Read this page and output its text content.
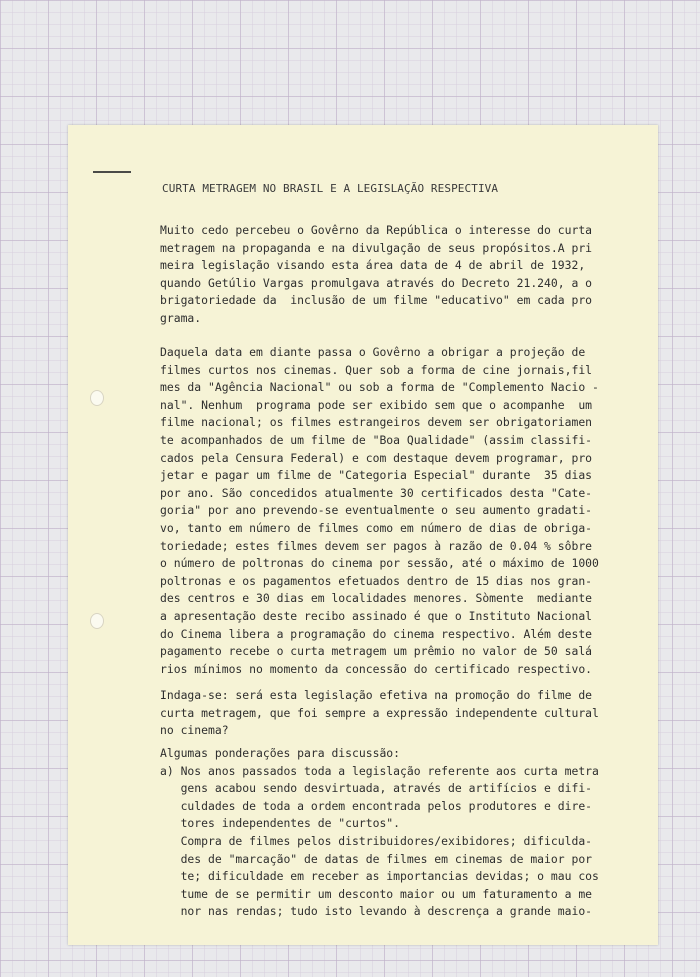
CURTA METRAGEM NO BRASIL E A LEGISLAÇÃO RESPECTIVA
Muito cedo percebeu o Govêrno da República o interesse do curta
metragem na propaganda e na divulgação de seus propósitos.A pri
meira legislação visando esta área data de 4 de abril de 1932,
quando Getúlio Vargas promulgava através do Decreto 21.240, a o
brigatoriedade da  inclusão de um filme "educativo" em cada pro
grama.
Daquela data em diante passa o Govêrno a obrigar a projeção de
filmes curtos nos cinemas. Quer sob a forma de cine jornais,fil
mes da "Agência Nacional" ou sob a forma de "Complemento Nacio -
nal". Nenhum  programa pode ser exibido sem que o acompanhe  um
filme nacional; os filmes estrangeiros devem ser obrigatoriamen
te acompanhados de um filme de "Boa Qualidade" (assim classifi-
cados pela Censura Federal) e com destaque devem programar, pro
jetar e pagar um filme de "Categoria Especial" durante  35 dias
por ano. São concedidos atualmente 30 certificados desta "Cate-
goria" por ano prevendo-se eventualmente o seu aumento gradati-
vo, tanto em número de filmes como em número de dias de obriga-
toriedade; estes filmes devem ser pagos à razão de 0.04 % sôbre
o número de poltronas do cinema por sessão, até o máximo de 1000
poltronas e os pagamentos efetuados dentro de 15 dias nos gran-
des centros e 30 dias em localidades menores. Sòmente  mediante
a apresentação deste recibo assinado é que o Instituto Nacional
do Cinema libera a programação do cinema respectivo. Além deste
pagamento recebe o curta metragem um prêmio no valor de 50 salá
rios mínimos no momento da concessão do certificado respectivo.
Indaga-se: será esta legislação efetiva na promoção do filme de
curta metragem, que foi sempre a expressão independente cultural
no cinema?
Algumas ponderações para discussão:
a) Nos anos passados toda a legislação referente aos curta metra
gens acabou sendo desvirtuada, através de artifícios e difi-
culdades de toda a ordem encontrada pelos produtores e dire-
tores independentes de "curtos".
Compra de filmes pelos distribuidores/exibidores; dificulda-
des de "marcação" de datas de filmes em cinemas de maior por
te; dificuldade em receber as importancias devidas; o mau cos
tume de se permitir um desconto maior ou um faturamento a me
nor nas rendas; tudo isto levando à descrença a grande maio-
